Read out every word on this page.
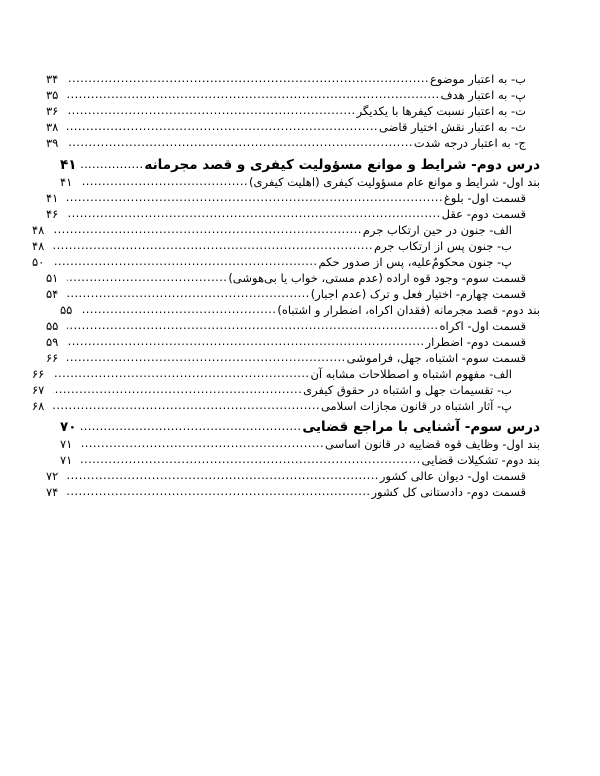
ب- به اعتبار موضوع
.....
۳۴
پ- به اعتبار هدف
.....
۳۵
ت- به اعتبار نسبت کیفرها با یکدیگر
.....
۳۶
ث- به اعتبار نقش اختیار قاضی
.....
۳۸
ج- به اعتبار درجه شدت
.....
۳۹
درس دوم- شرایط و موانع مسؤولیت کیفری و قصد مجرمانه
.....
۴۱
بند اول- شرایط و موانع عام مسؤولیت کیفری (اهلیت کیفری)
.....
۴۱
قسمت اول- بلوغ
.....
۴۱
قسمت دوم- عقل
.....
۴۶
الف- جنون در حین ارتکاب جرم
.....
۴۸
ب- جنون پس از ارتکاب جرم
.....
۴۸
پ- جنون محکومٌ‌علیه، پس از صدور حکم
.....
۵۰
قسمت سوم- وجود قوه اراده (عدم مستی، خواب یا بی‌هوشی)
.....
۵۱
قسمت چهارم- اختیار فعل و ترک (عدم اجبار)
.....
۵۴
بند دوم- قصد مجرمانه (فقدان اکراه، اضطرار و اشتباه)
.....
۵۵
قسمت اول- اکراه
.....
۵۵
قسمت دوم- اضطرار
.....
۵۹
قسمت سوم- اشتباه، جهل، فراموشی
.....
۶۶
الف- مفهوم اشتباه و اصطلاحات مشابه آن
.....
۶۶
ب- تقسیمات جهل و اشتباه در حقوق کیفری
.....
۶۷
پ- آثار اشتباه در قانون مجازات اسلامی
.....
۶۸
درس سوم- آشنایی با مراجع قضایی
.....
۷۰
بند اول- وظایف قوه قضاییه در قانون اساسی
.....
۷۱
بند دوم- تشکیلات قضایی
.....
۷۱
قسمت اول- دیوان عالی کشور
.....
۷۲
قسمت دوم- دادستانی کل کشور
.....
۷۴
